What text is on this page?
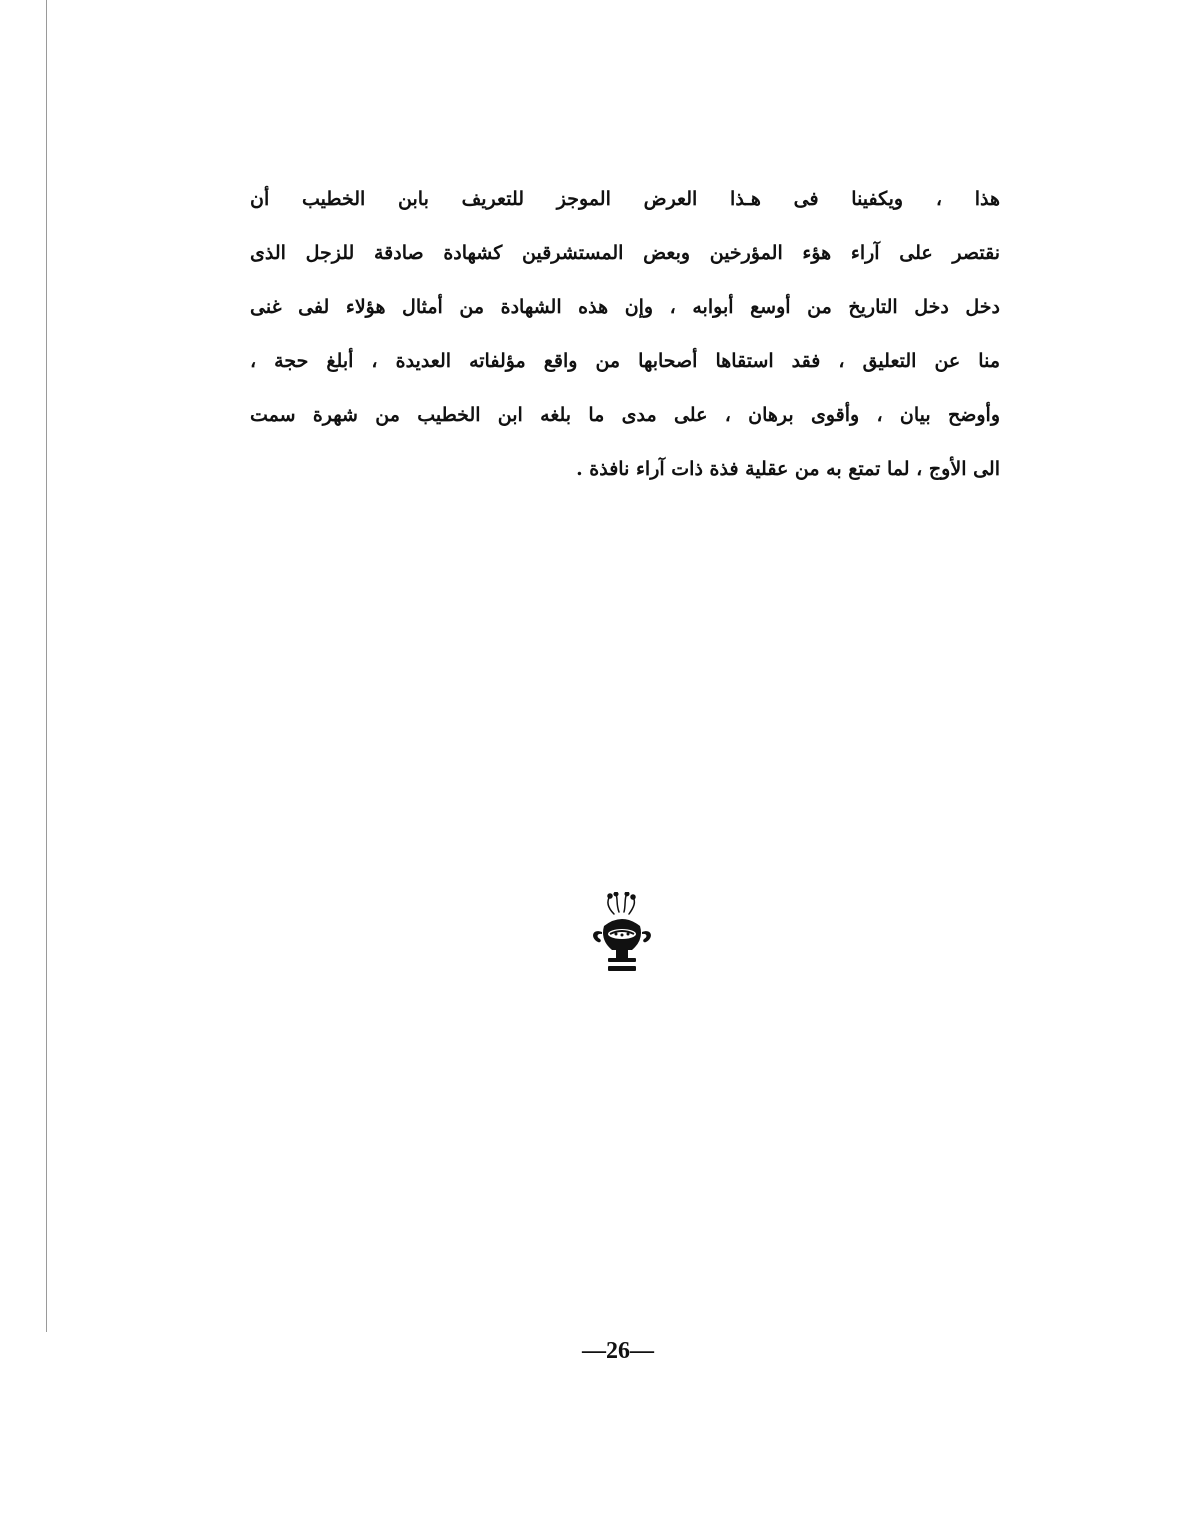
هذا ، ويكفينا فى هـذا العرض الموجز للتعريف بابن الخطيب أن
نقتصر على آراء هؤء المؤرخين وبعض المستشرقين كشهادة صادقة للزجل الذى
دخل دخل التاريخ من أوسع أبوابه ، وإن هذه الشهادة من أمثال هؤلاء لفى غنى
منا عن التعليق ، فقد استقاها أصحابها من واقع مؤلفاته العديدة ، أبلغ حجة ،
وأوضح بيان ، وأقوى برهان ، على مدى ما بلغه ابن الخطيب من شهرة سمت
الى الأوج ، لما تمتع به من عقلية فذة ذات آراء نافذة .
—26—
